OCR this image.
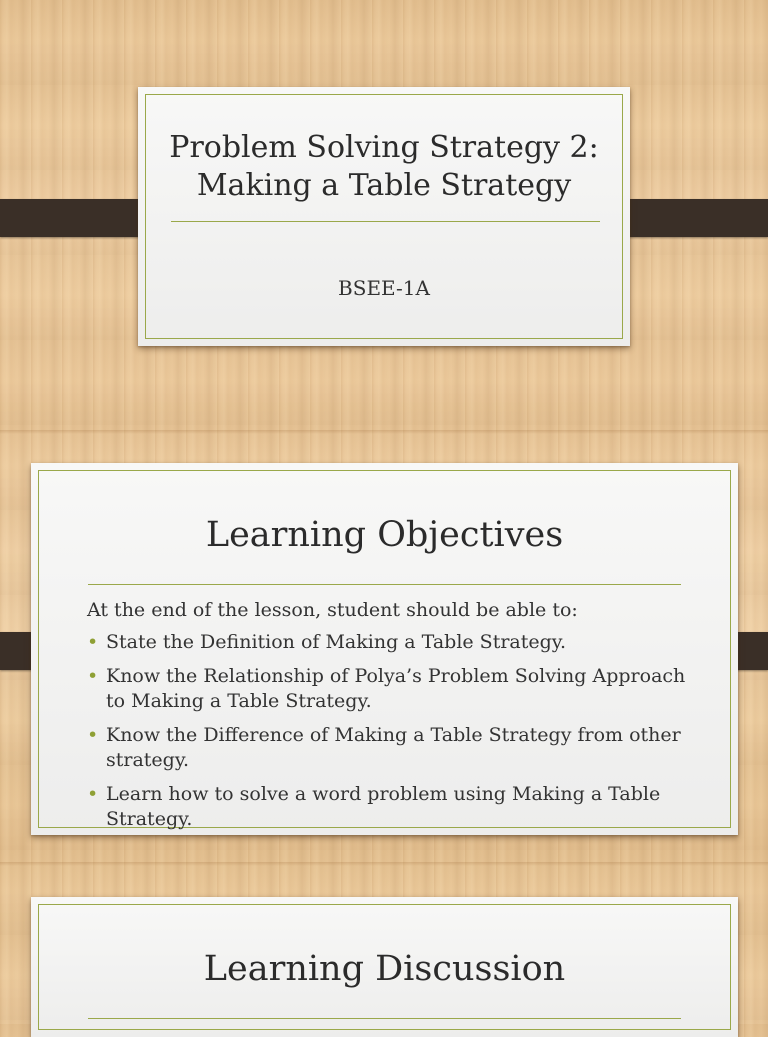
Problem Solving Strategy 2:
Making a Table Strategy
BSEE-1A
Learning Objectives
At the end of the lesson, student should be able to:
• State the Definition of Making a Table Strategy.
• Know the Relationship of Polya’s Problem Solving Approach to Making a Table Strategy.
• Know the Difference of Making a Table Strategy from other strategy.
• Learn how to solve a word problem using Making a Table Strategy.
Learning Discussion
